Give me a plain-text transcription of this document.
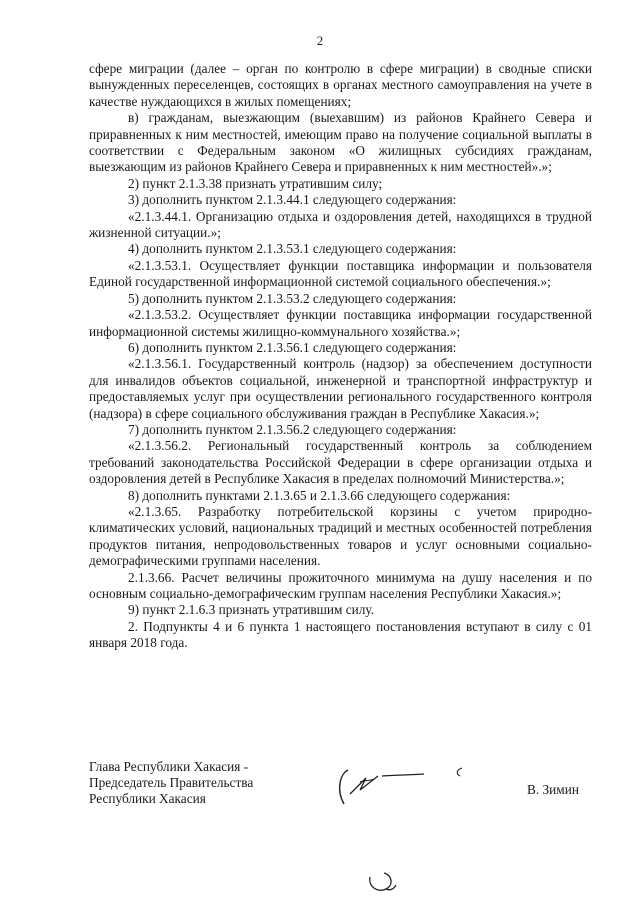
2

сфере миграции (далее – орган по контролю в сфере миграции) в сводные списки вынужденных переселенцев, состоящих в органах местного самоуправления на учете в качестве нуждающихся в жилых помещениях;

в) гражданам, выезжающим (выехавшим) из районов Крайнего Севера и приравненных к ним местностей, имеющим право на получение социальной выплаты в соответствии с Федеральным законом «О жилищных субсидиях гражданам, выезжающим из районов Крайнего Севера и приравненных к ним местностей».»;

2) пункт 2.1.3.38 признать утратившим силу;

3) дополнить пунктом 2.1.3.44.1 следующего содержания:

«2.1.3.44.1. Организацию отдыха и оздоровления детей, находящихся в трудной жизненной ситуации.»;

4) дополнить пунктом 2.1.3.53.1 следующего содержания:

«2.1.3.53.1. Осуществляет функции поставщика информации и пользователя Единой государственной информационной системой социального обеспечения.»;

5) дополнить пунктом 2.1.3.53.2 следующего содержания:

«2.1.3.53.2. Осуществляет функции поставщика информации государственной информационной системы жилищно-коммунального хозяйства.»;

6) дополнить пунктом 2.1.3.56.1 следующего содержания:

«2.1.3.56.1. Государственный контроль (надзор) за обеспечением доступности для инвалидов объектов социальной, инженерной и транспортной инфраструктур и предоставляемых услуг при осуществлении регионального государственного контроля (надзора) в сфере социального обслуживания граждан в Республике Хакасия.»;

7) дополнить пунктом 2.1.3.56.2 следующего содержания:

«2.1.3.56.2. Региональный государственный контроль за соблюдением требований законодательства Российской Федерации в сфере организации отдыха и оздоровления детей в Республике Хакасия в пределах полномочий Министерства.»;

8) дополнить пунктами 2.1.3.65 и 2.1.3.66 следующего содержания:

«2.1.3.65. Разработку потребительской корзины с учетом природно-климатических условий, национальных традиций и местных особенностей потребления продуктов питания, непродовольственных товаров и услуг основными социально-демографическими группами населения.

2.1.3.66. Расчет величины прожиточного минимума на душу населения и по основным социально-демографическим группам населения Республики Хакасия.»;

9) пункт 2.1.6.3 признать утратившим силу.

2. Подпункты 4 и 6 пункта 1 настоящего постановления вступают в силу с 01 января 2018 года.

Глава Республики Хакасия -
Председатель Правительства
Республики Хакасия
В. Зимин
